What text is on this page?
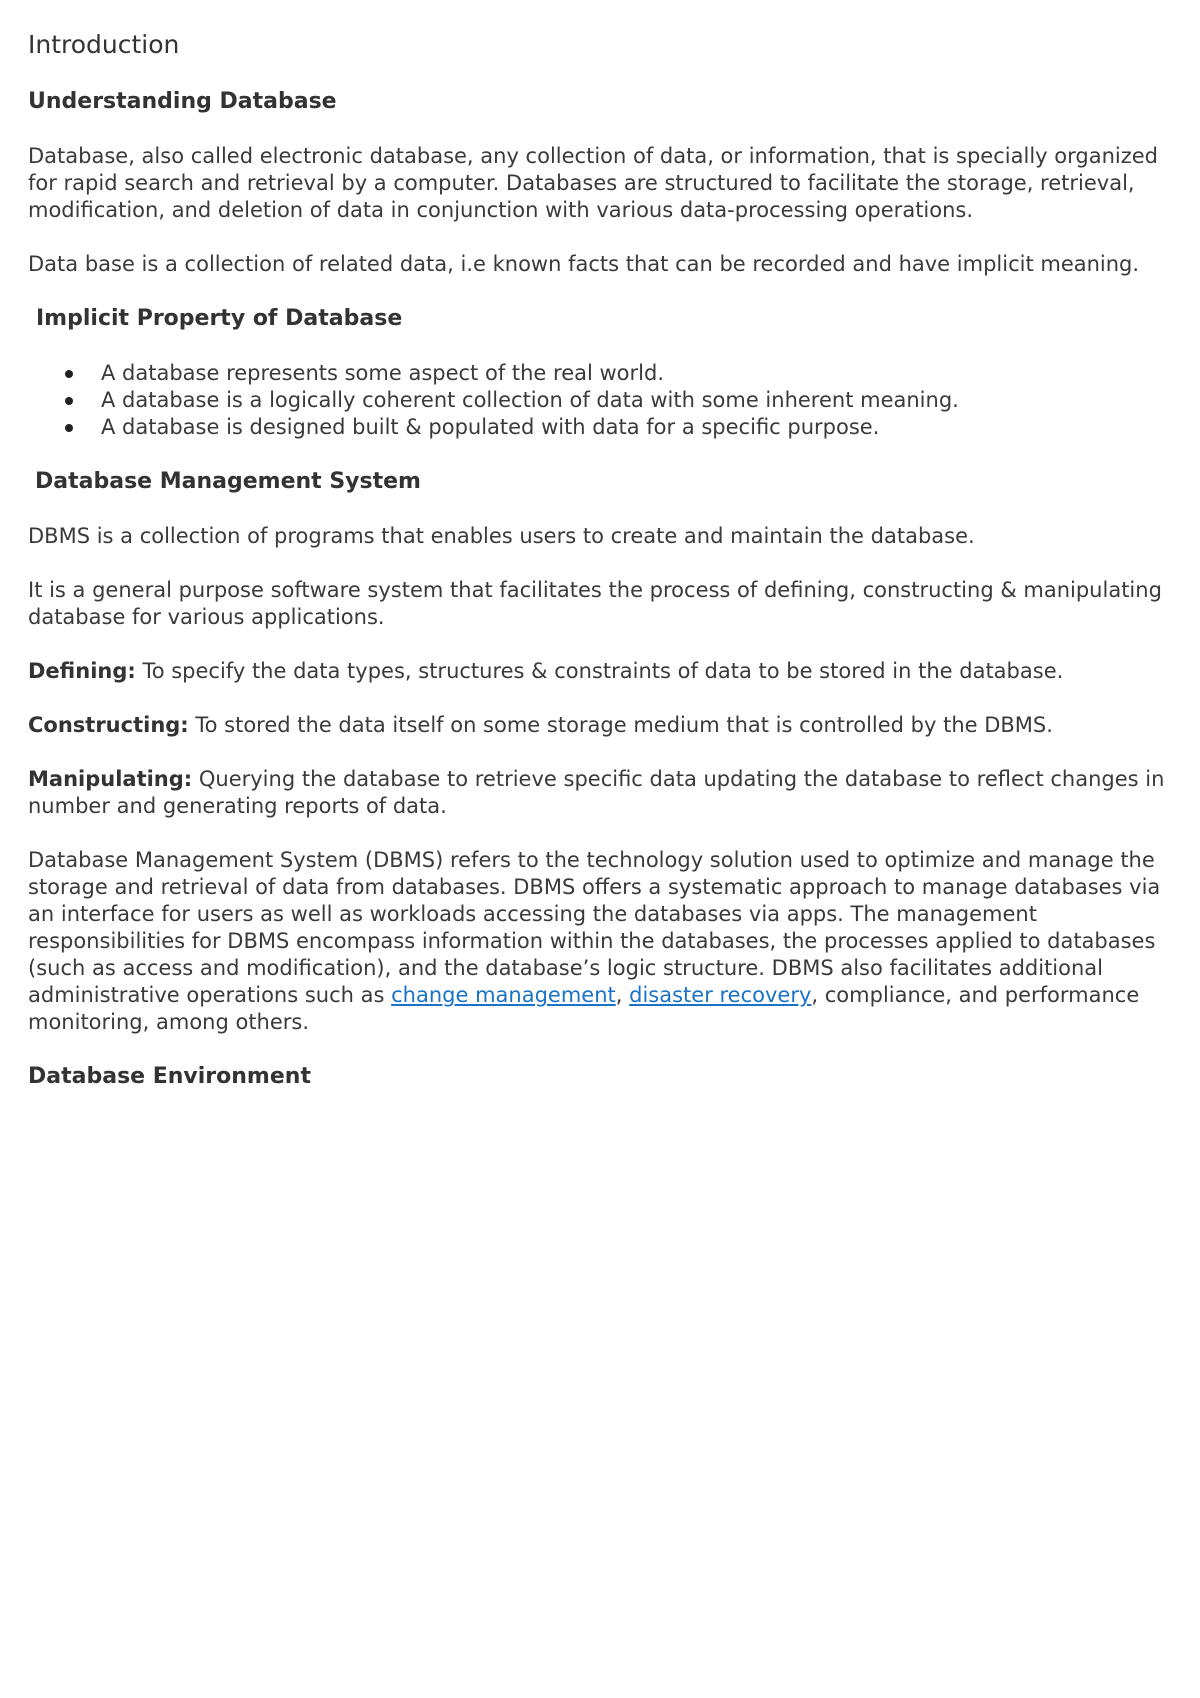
Introduction
Understanding Database

Database, also called electronic database, any collection of data, or information, that is specially organized for rapid search and retrieval by a computer. Databases are structured to facilitate the storage, retrieval, modification, and deletion of data in conjunction with various data-processing operations.

Data base is a collection of related data, i.e known facts that can be recorded and have implicit meaning.

Implicit Property of Database
A database represents some aspect of the real world.
A database is a logically coherent collection of data with some inherent meaning.
A database is designed built & populated with data for a specific purpose.
Database Management System

DBMS is a collection of programs that enables users to create and maintain the database.

It is a general purpose software system that facilitates the process of defining, constructing & manipulating database for various applications.

Defining: To specify the data types, structures & constraints of data to be stored in the database.

Constructing: To stored the data itself on some storage medium that is controlled by the DBMS.

Manipulating: Querying the database to retrieve specific data updating the database to reflect changes in number and generating reports of data.

Database Management System (DBMS) refers to the technology solution used to optimize and manage the storage and retrieval of data from databases. DBMS offers a systematic approach to manage databases via an interface for users as well as workloads accessing the databases via apps. The management responsibilities for DBMS encompass information within the databases, the processes applied to databases (such as access and modification), and the database’s logic structure. DBMS also facilitates additional administrative operations such as change management, disaster recovery, compliance, and performance monitoring, among others.

Database Environment
